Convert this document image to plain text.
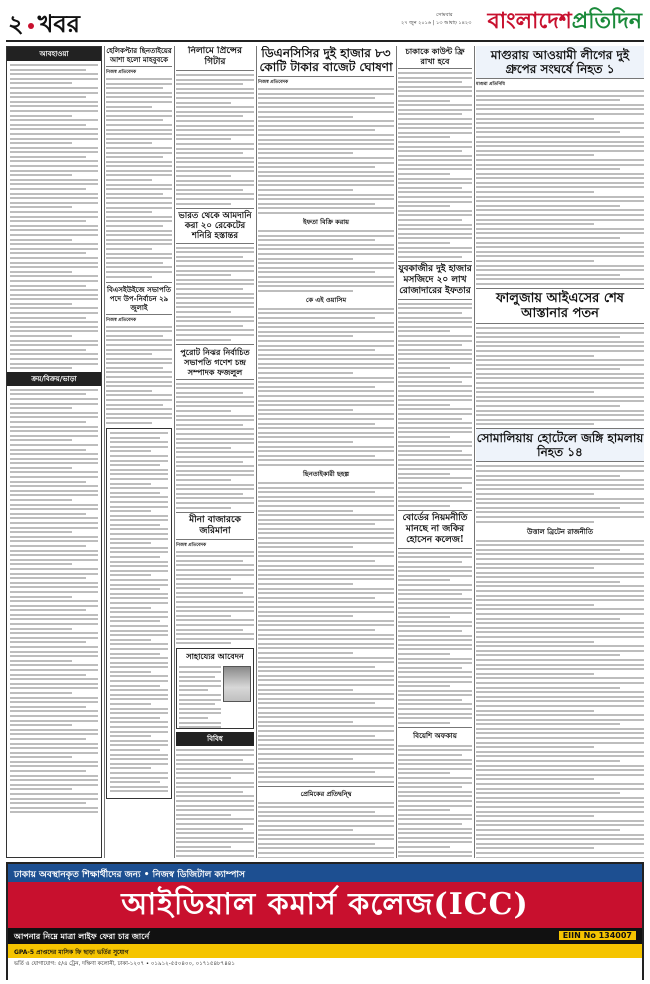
২ খবর	সোমবার
২৭ জুন ২০১৬ | ১৩ আষাঢ় ১৪২৩ বাংলাদেশপ্রতিদিন
আবহাওয়া
ক্রয়/বিক্রয়/ভাড়া
হেলিকপ্টার ছিনতাইয়ের আশা হলো মাহবুবকে
নিজস্ব প্রতিবেদক
বিএসইউইজে সভাপতি পদে উপ-নির্বাচন ২৯ জুলাই
নিজস্ব প্রতিবেদক
নিলামে প্রিন্সের গিটার
ভারত থেকে আমদানি করা ২০ রেকেটের শনিরি হস্তান্তর
পুরোট নিঝর নির্বাচিত সভাপতি গণেশ চন্দ্র সম্পাদক ফজলুল
মীনা বাজারকে জরিমানা
নিজস্ব প্রতিবেদক
সাহায্যের আবেদন
বিবিধ
ডিএনসিসির দুই হাজার ৮৩ কোটি টাকার বাজেট ঘোষণা
নিজস্ব প্রতিবেদক
ইফতা বিক্রি করায়
কে এই ওয়াসিম
ছিনতাইকারী ছহল্প
প্রেমিকের প্রতিদ্বন্দ্বি
চাকাকে কাউন্ট ফ্রি রাখা হবে
যুবকাজীর দুই হাজার মসজিদে ২০ লাখ রোজাদারের ইফতার
বোর্ডের নিয়মনীতি মানছে না জকির হোসেন কলেজ!
বিয়েশি অফকায়
মাগুরায় আওয়ামী লীগের দুই গ্রুপের সংঘর্ষে নিহত ১
মাগুরা প্রতিনিধি
ফালুজায় আইএসের শেষ আস্তানার পতন
সোমালিয়ায় হোটেলে জঙ্গি হামলায় নিহত ১৪
উত্তাল ব্রিটেন রাজনীতি
ঢাকায় অবস্থানকৃত শিক্ষার্থীদের জন্য • নিজস্ব ডিজিটাল ক্যাম্পাস
আইডিয়াল কমার্স কলেজ(ICC)
আপনার নিম্নে মাত্রা লাইফ ফেরা চার জার্নে	EIIN No 134007
GPA-5 প্রাপ্তদের মাসিক ফি ছাড়া ভর্তির সুযোগ
ভর্তি ও যোগাযোগ: ৫/এ ট্রেন, দক্ষিণা কলোনী, ঢাকা-১২০৭ • ০১৯১২-৫৫০৪০০, ০১৭১৫৪৮৭৪৪১
